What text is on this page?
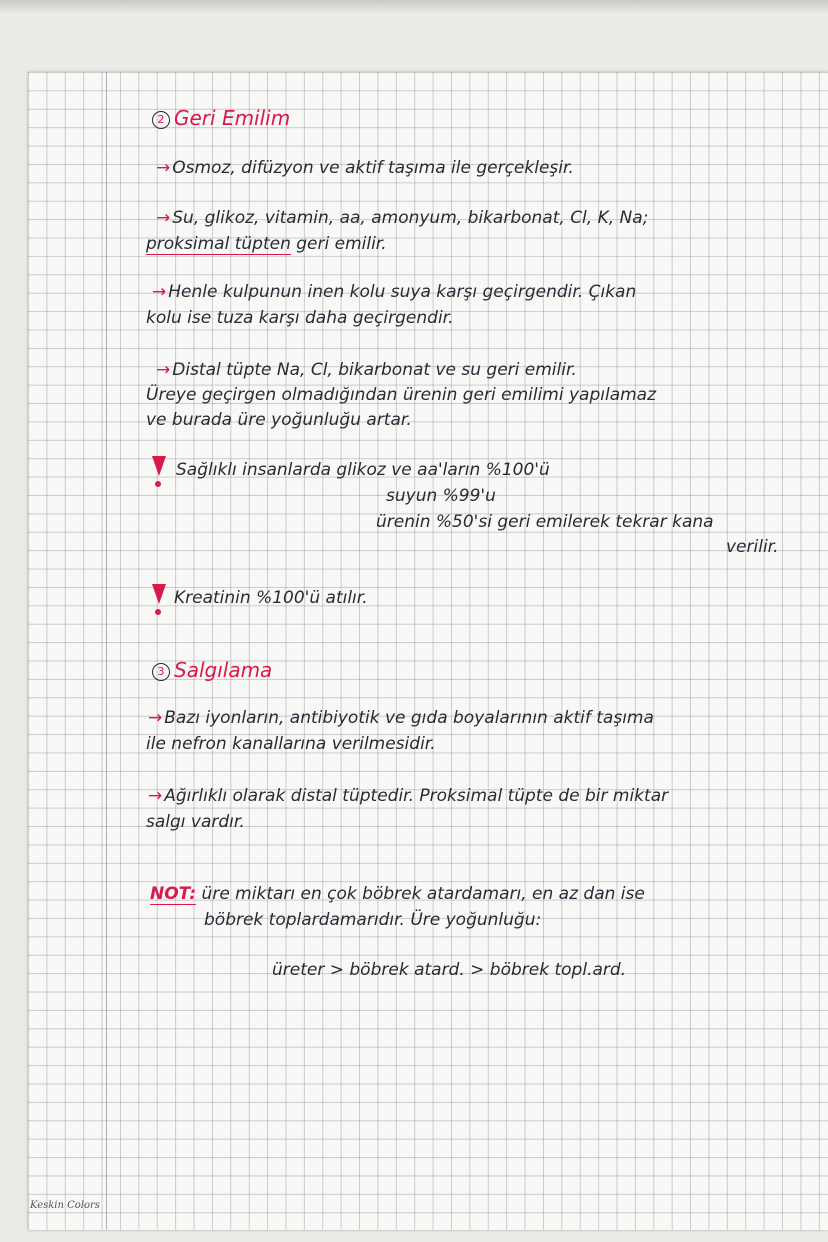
2 Geri Emilim
→ Osmoz, difüzyon ve aktif taşıma ile gerçekleşir.
→ Su, glikoz, vitamin, aa, amonyum, bikarbonat, Cl, K, Na;
proksimal tüpten geri emilir.
→ Henle kulpunun inen kolu suya karşı geçirgendir. Çıkan
kolu ise tuza karşı daha geçirgendir.
→ Distal tüpte Na, Cl, bikarbonat ve su geri emilir.
Üreye geçirgen olmadığından ürenin geri emilimi yapılamaz
ve burada üre yoğunluğu artar.
Sağlıklı insanlarda glikoz ve aa'ların %100'ü
suyun %99'u
ürenin %50'si geri emilerek tekrar kana
verilir.
Kreatinin %100'ü atılır.
3 Salgılama
→ Bazı iyonların, antibiyotik ve gıda boyalarının aktif taşıma
ile nefron kanallarına verilmesidir.
→ Ağırlıklı olarak distal tüptedir. Proksimal tüpte de bir miktar
salgı vardır.
NOT: üre miktarı en çok böbrek atardamarı, en az dan ise
böbrek toplardamarıdır. Üre yoğunluğu:
üreter > böbrek atard. > böbrek topl.ard.
Keskin Colors
